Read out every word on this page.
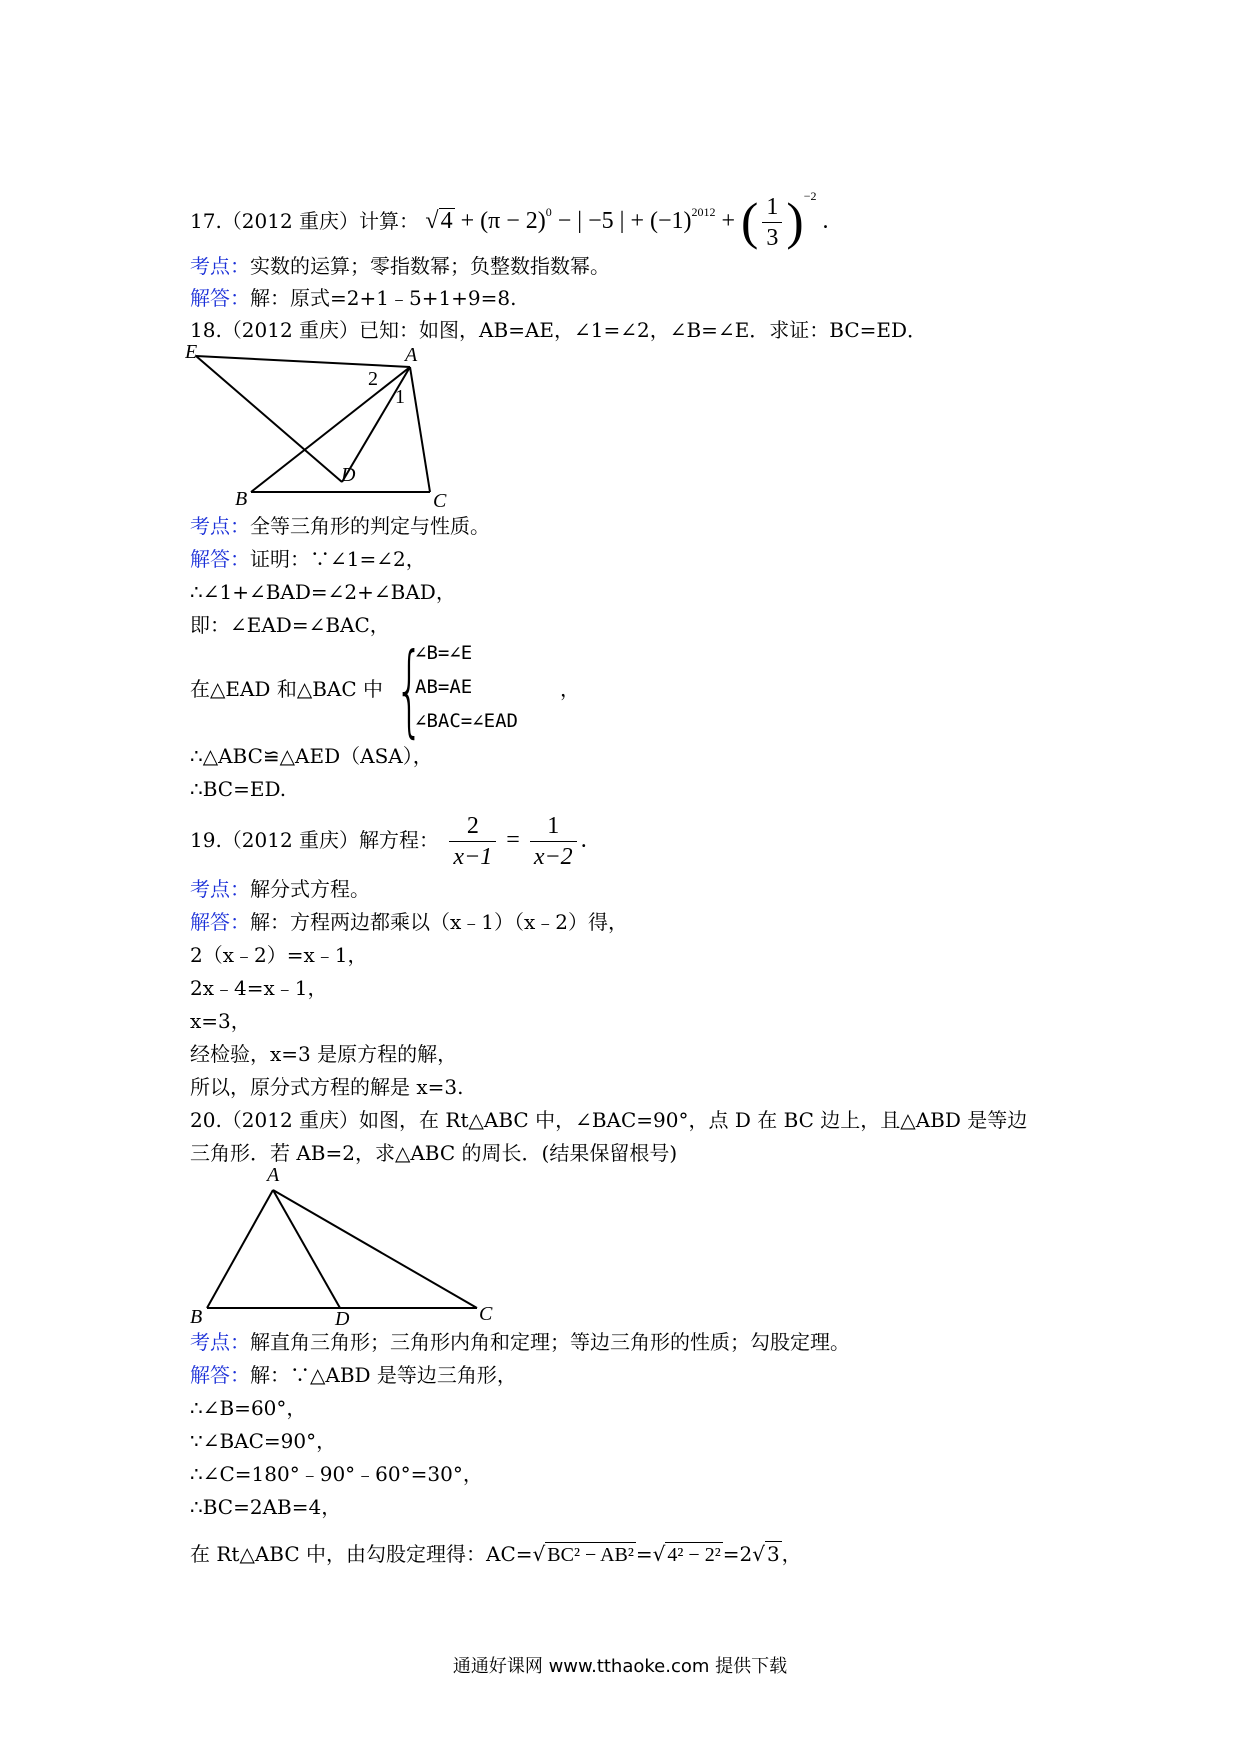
17.（2012 重庆）计算： $√4 + (\pi - 2)^0$ − | −5 | + $(-1)^{2012}$ + ( $\frac{1}{3} )^{-2}$ .
考点：实数的运算；零指数幂；负整数指数幂。
解答：解：原式=2+1﹣5+1+9=8.
18.（2012 重庆）已知：如图，AB=AE，∠1=∠2，∠B=∠E．求证：BC=ED．
E	A
B	C
D
1
2
考点：全等三角形的判定与性质。
解答：证明：∵∠1=∠2，
∴∠1+∠BAD=∠2+∠BAD，
即：∠EAD=∠BAC，
在△EAD 和△BAC 中 {
∠B=∠E
AB=AE
∠BAC=∠EAD
，
∴△ABC≌△AED（ASA），
∴BC=ED.
19.（2012 重庆）解方程： $\frac{2}{x-1} = \frac{1}{x-2}$ .
考点：解分式方程。
解答：解：方程两边都乘以（x﹣1）（x﹣2）得，
2（x﹣2）=x﹣1，
2x﹣4=x﹣1，
x=3，
经检验，x=3 是原方程的解，
所以，原分式方程的解是 x=3.
20.（2012 重庆）如图，在 Rt△ABC 中，∠BAC=90°，点 D 在 BC 边上，且△ABD 是等边
三角形．若 AB=2，求△ABC 的周长．(结果保留根号)
A
B	D	C
考点：解直角三角形；三角形内角和定理；等边三角形的性质；勾股定理。
解答：解：∵△ABD 是等边三角形，
∴∠B=60°，
∵∠BAC=90°，
∴∠C=180°﹣90°﹣60°=30°，
∴BC=2AB=4，
在 Rt△ABC 中，由勾股定理得：AC=√ BC² − AB² =√ 4² − 2² =2√ 3 ，
通通好课网 www.tthaoke.com 提供下载
